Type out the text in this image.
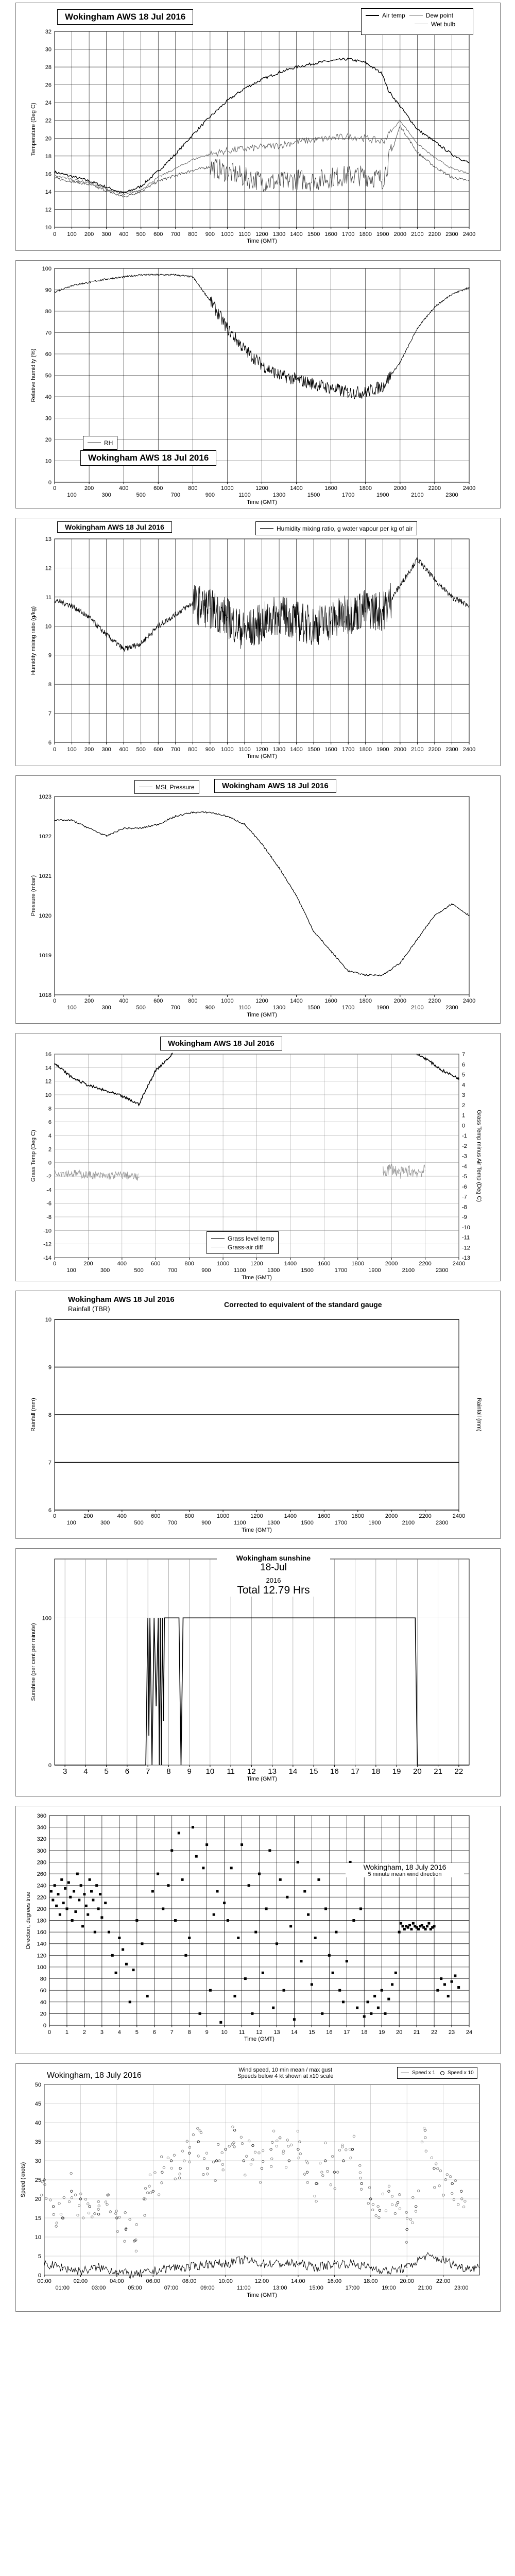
10
12
14
16
18
20
22
24
26
28
30
32
0 100 200 300 400 500 600 700 800 900 1000 1100 1200 1300 1400 1500 1600 1700 1800 1900 2000 2100 2200 2300 2400
Time (GMT)
Temperature (Deg C)
Wokingham AWS 18 Jul 2016	Air temp	Dew point
Wet bulb
0
10
20
30
40
50
60
70
80
90
100
0	200	400	600	800	1000	1200	1400	1600	1800	2000	2200	2400
100	300	500	700	900	1100	1300	1500	1700	1900	2100	2300
Time (GMT)
Relative humidity (%)
RH
Wokingham AWS 18 Jul 2016
6
7
8
9
10
11
12
13
0 100 200 300 400 500 600 700 800 900 1000 1100 1200 1300 1400 1500 1600 1700 1800 1900 2000 2100 2200 2300 2400
Time (GMT)
Humidity mixing ratio (g/kg)
Wokingham AWS 18 Jul 2016	Humidity mixing ratio, g water vapour per kg of air
1018
1019
1020
1021
1022
1023
0	200	400	600	800	1000	1200	1400	1600	1800	2000	2200	2400
100	300	500	700	900	1100	1300	1500	1700	1900	2100	2300
Time (GMT)
Pressure (mbar)
MSL Pressure	Wokingham AWS 18 Jul 2016
-14
-12
-10
-8
-6
-4
-2
0
2
4
6
8
10
12
14
16
-13
-12
-11
-10
-9
-8
-7
-6
-5
-4
-3
-2
-1
0
1
2
3
4
5
6
7
0	200	400	600	800	1000	1200	1400	1600	1800	2000	2200	2400
100	300	500	700	900	1100	1300	1500	1700	1900	2100	2300
Time (GMT)
Grass Temp (Deg C)	Grass Temp minus Air Temp (Deg C)
Wokingham AWS 18 Jul 2016
Grass level temp
Grass-air diff
6
7
8
9
10
0	200	400	600	800	1000	1200	1400	1600	1800	2000	2200	2400
100	300	500	700	900	1100	1300	1500	1700	1900	2100	2300
Time (GMT)
Rainfall (mm)	Rainfall (mm)
Wokingham AWS 18 Jul 2016
Rainfall (TBR)
Corrected to equivalent of the standard gauge
0
100
3 4 5 6 7 8 9 10 11 12 13 14 15 16 17 18 19 20 21 22
Time (GMT)
Sunshine (per cent per minute)
Wokingham sunshine
18-Jul
2016
Total 12.79 Hrs
0
20
40
60
80
100
120
140
160
180
200
220
240
260
280
300
320
340
360
0	1	2	3	4	5	6	7	8	9 10 11 12 13 14 15 16 17 18 19 20 21 22 23 24
Time (GMT)
Direction, degrees true
Wokingham, 18 July 2016
5 minute mean wind direction
0
5
10
15
20
25
30
35
40
45
50
00:00	02:00	04:00	06:00	08:00	10:00	12:00	14:00	16:00	18:00	20:00	22:00
01:00	03:00	05:00	07:00	09:00	11:00	13:00	15:00	17:00	19:00	21:00	23:00
Time (GMT)
Speed (knots)
Wokingham, 18 July 2016
Wind speed, 10 min mean / max gust
Speeds below 4 kt shown at x10 scale
Speed x 1 Speed x 10
